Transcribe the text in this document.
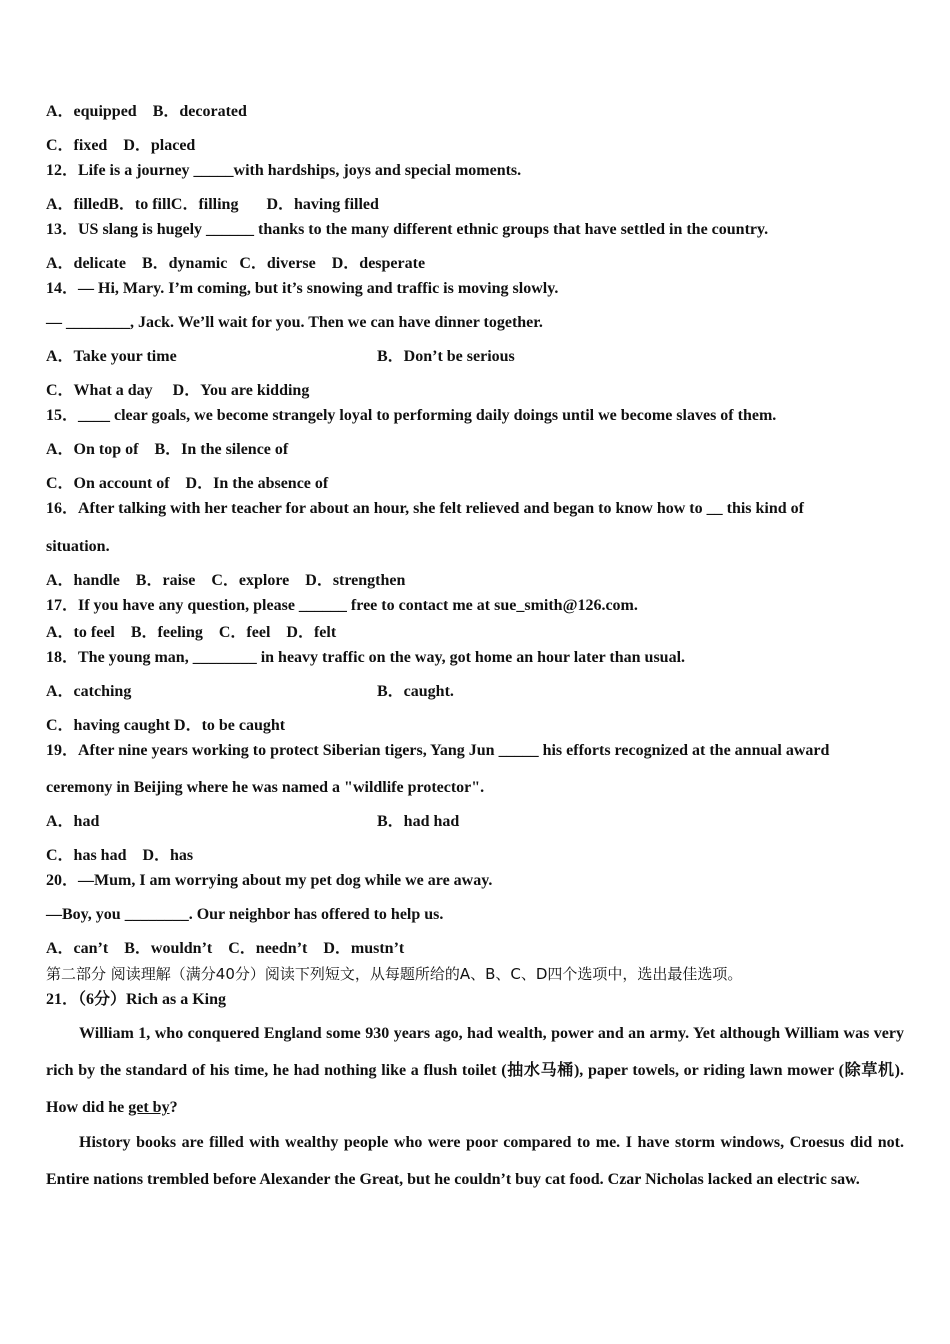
A．equipped    B．decorated
C．fixed    D．placed
12．Life is a journey _____with hardships, joys and special moments.
A．filledB．to fillC．filling       D．having filled
13．US slang is hugely ______ thanks to the many different ethnic groups that have settled in the country.
A．delicate    B．dynamic   C．diverse    D．desperate
14．— Hi, Mary. I’m coming, but it’s snowing and traffic is moving slowly.
— ________, Jack. We’ll wait for you. Then we can have dinner together.
A．Take your time	B．Don’t be serious
C．What a day     D．You are kidding
15．____ clear goals, we become strangely loyal to performing daily doings until we become slaves of them.
A．On top of    B．In the silence of
C．On account of    D．In the absence of
16．After talking with her teacher for about an hour, she felt relieved and began to know how to __ this kind of
situation.
A．handle    B．raise    C．explore    D．strengthen
17．If you have any question, please ______ free to contact me at sue_smith@126.com.
A．to feel    B．feeling    C．feel    D．felt
18．The young man, ________ in heavy traffic on the way, got home an hour later than usual.
A．catching	B．caught.
C．having caught D．to be caught
19．After nine years working to protect Siberian tigers, Yang Jun _____ his efforts recognized at the annual award
ceremony in Beijing where he was named a "wildlife protector".
A．had	B．had had
C．has had    D．has
20．—Mum, I am worrying about my pet dog while we are away.
—Boy, you ________. Our neighbor has offered to help us.
A．can’t    B．wouldn’t    C．needn’t    D．mustn’t
第二部分 阅读理解（满分40分）阅读下列短文，从每题所给的A、B、C、D四个选项中，选出最佳选项。
21．（6分）Rich as a King

William 1, who conquered England some 930 years ago, had wealth, power and an army. Yet although William was very rich by the standard of his time, he had nothing like a flush toilet (抽水马桶), paper towels, or riding lawn mower (除草机). How did he get by?

History books are filled with wealthy people who were poor compared to me. I have storm windows, Croesus did not. Entire nations trembled before Alexander the Great, but he couldn’t buy cat food. Czar Nicholas lacked an electric saw.
